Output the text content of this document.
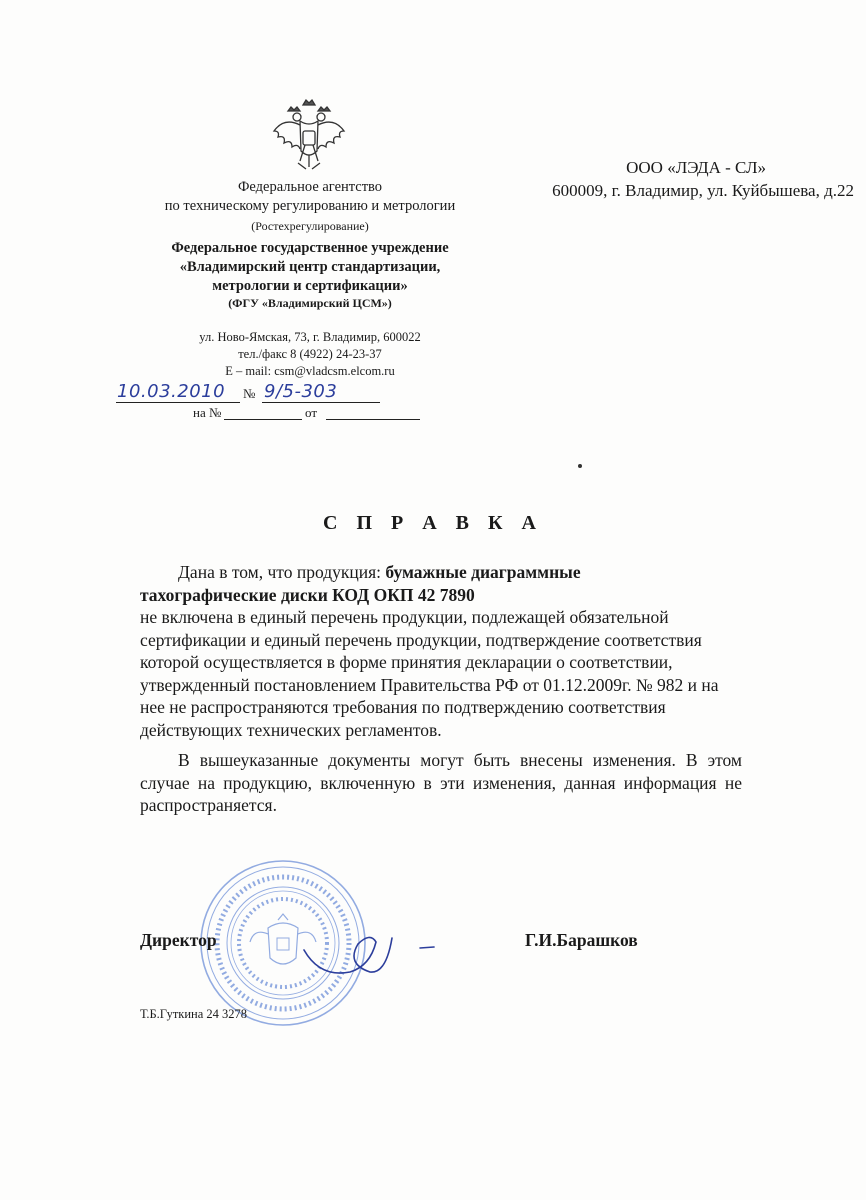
Федеральное агентство
по техническому регулированию и метрологии
(Ростехрегулирование)
Федеральное государственное учреждение
«Владимирский центр стандартизации,
метрологии и сертификации»
(ФГУ «Владимирский ЦСМ»)
ул. Ново-Ямская, 73, г. Владимир, 600022
тел./факс 8 (4922) 24-23-37
E – mail: csm@vladcsm.elcom.ru
10.03.2010 № 9/5-303
на №	от
ООО «ЛЭДА - СЛ»
600009, г. Владимир, ул. Куйбышева, д.22
С П Р А В К А
Дана в том, что продукция: бумажные диаграммные
тахографические диски КОД ОКП 42 7890
не включена в единый перечень продукции, подлежащей обязательной сертификации и единый перечень продукции, подтверждение соответствия которой осуществляется в форме принятия декларации о соответствии, утвержденный постановлением Правительства РФ от 01.12.2009г. № 982 и на нее не распространяются требования по подтверждению соответствия действующих технических регламентов.
В вышеуказанные документы могут быть внесены изменения. В этом случае на продукцию, включенную в эти изменения, данная информация не распространяется.
Директор	Г.И.Барашков
Т.Б.Гуткина 24 3278
